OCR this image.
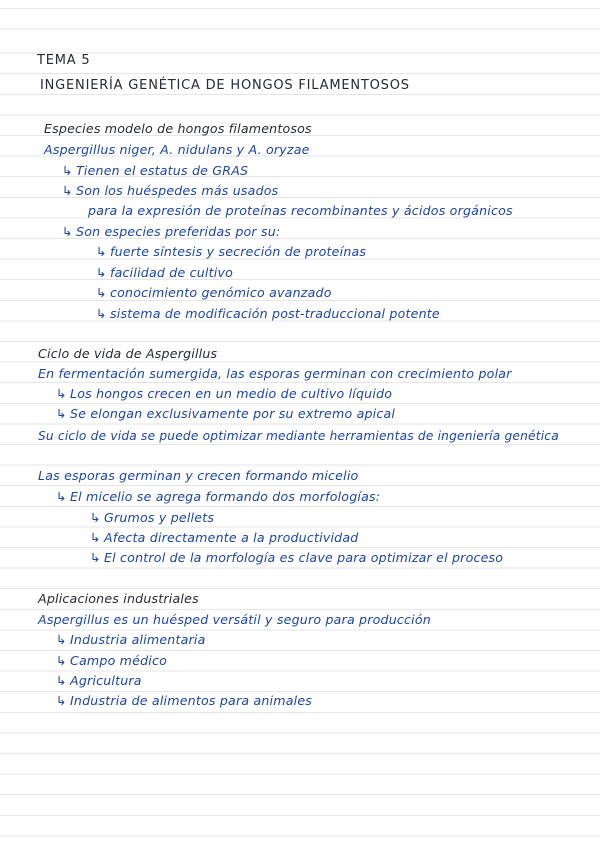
TEMA 5
INGENIERÍA GENÉTICA DE HONGOS FILAMENTOSOS
Especies modelo de hongos filamentosos
Aspergillus niger, A. nidulans y A. oryzae
↳ Tienen el estatus de GRAS
↳ Son los huéspedes más usados
para la expresión de proteínas recombinantes y ácidos orgánicos
↳ Son especies preferidas por su:
↳ fuerte síntesis y secreción de proteínas
↳ facilidad de cultivo
↳ conocimiento genómico avanzado
↳ sistema de modificación post-traduccional potente
Ciclo de vida de Aspergillus
En fermentación sumergida, las esporas germinan con crecimiento polar
↳ Los hongos crecen en un medio de cultivo líquido
↳ Se elongan exclusivamente por su extremo apical
Su ciclo de vida se puede optimizar mediante herramientas de ingeniería genética
Las esporas germinan y crecen formando micelio
↳ El micelio se agrega formando dos morfologías:
↳ Grumos y pellets
↳ Afecta directamente a la productividad
↳ El control de la morfología es clave para optimizar el proceso
Aplicaciones industriales
Aspergillus es un huésped versátil y seguro para producción
↳ Industria alimentaria
↳ Campo médico
↳ Agricultura
↳ Industria de alimentos para animales
